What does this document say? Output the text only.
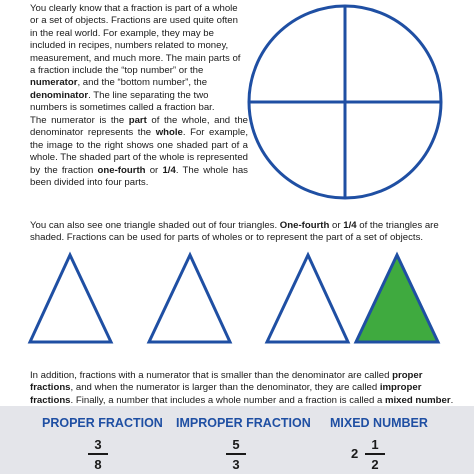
You clearly know that a fraction is part of a whole or a set of objects. Fractions are used quite often in the real world. For example, they may be included in recipes, numbers related to money, measurement, and much more. The main parts of a fraction include the “top number” or the numerator, and the “bottom number”, the denominator. The line separating the two numbers is sometimes called a fraction bar.

The numerator is the part of the whole, and the denominator represents the whole. For example, the image to the right shows one shaded part of a whole. The shaded part of the whole is represented by the fraction one-fourth or 1/4. The whole has been divided into four parts.

You can also see one triangle shaded out of four triangles. One-fourth or 1/4 of the triangles are shaded. Fractions can be used for parts of wholes or to represent the part of a set of objects.

In addition, fractions with a numerator that is smaller than the denominator are called proper fractions, and when the numerator is larger than the denominator, they are called improper fractions. Finally, a number that includes a whole number and a fraction is called a mixed number.

PROPER FRACTION IMPROPER FRACTION MIXED NUMBER
3
8
5
3
2
1
2
